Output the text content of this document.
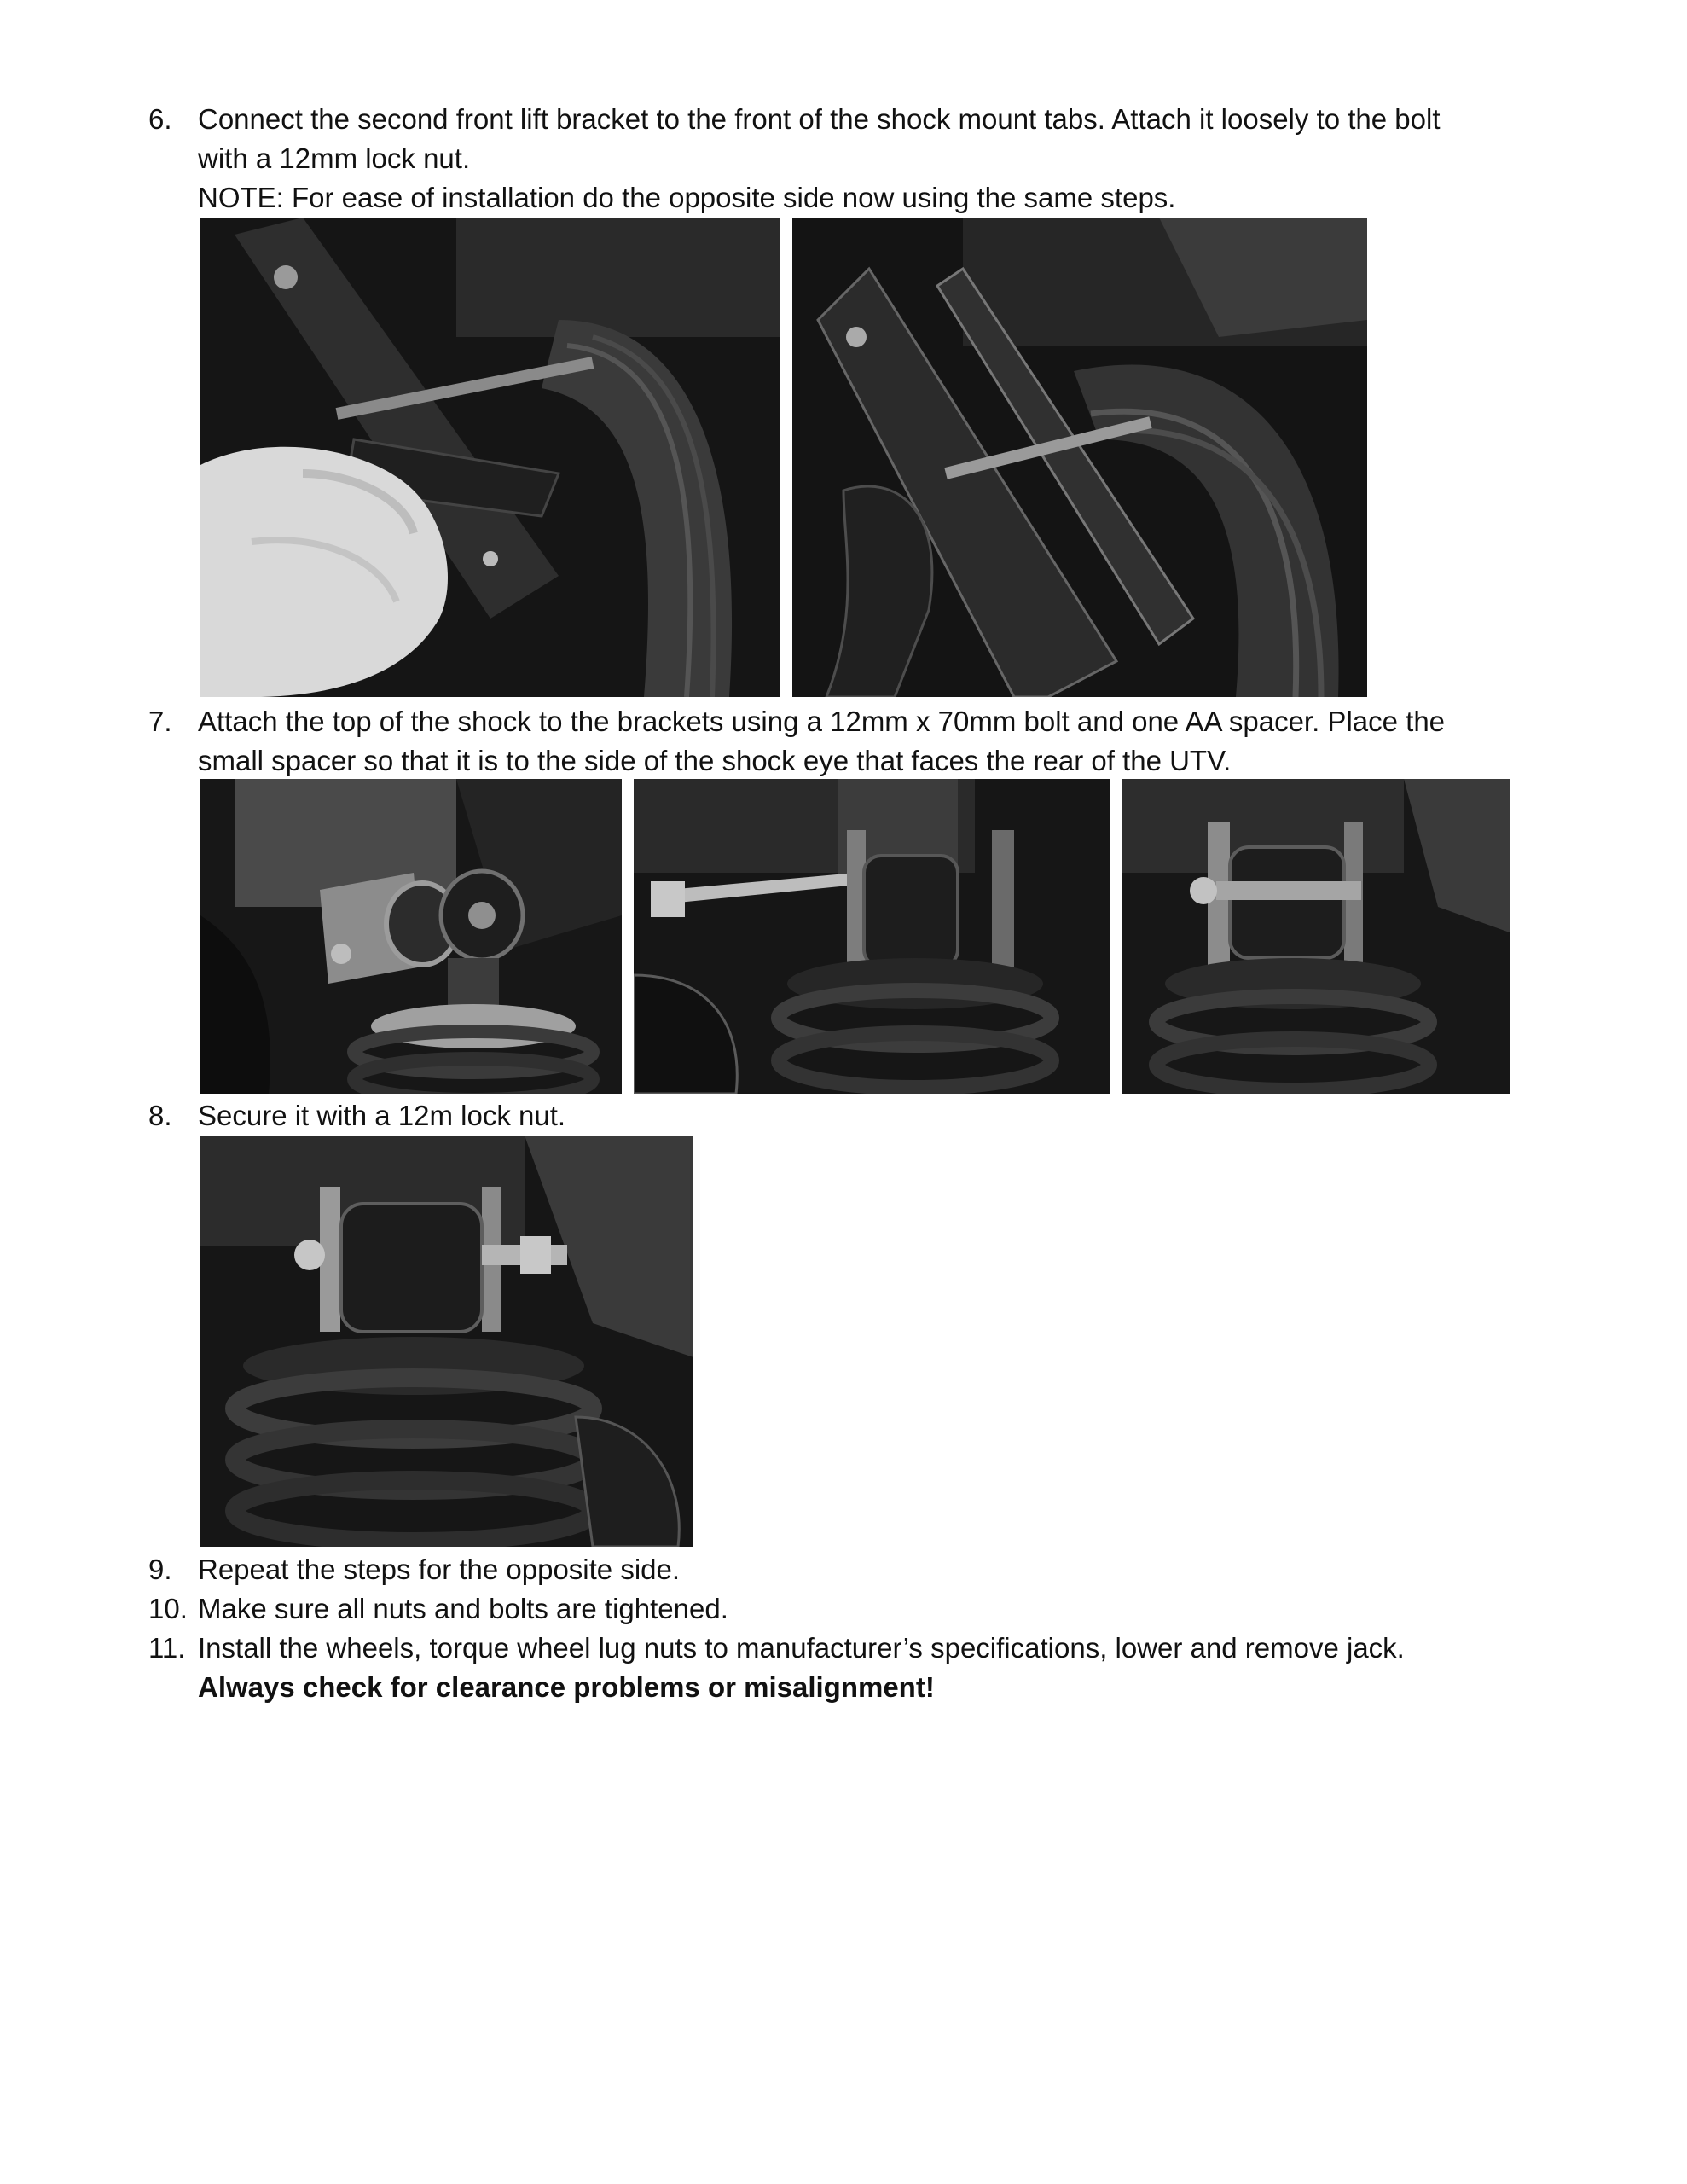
6. Connect the second front lift bracket to the front of the shock mount tabs. Attach it loosely to the bolt
with a 12mm lock nut.
NOTE: For ease of installation do the opposite side now using the same steps.
7. Attach the top of the shock to the brackets using a 12mm x 70mm bolt and one AA spacer. Place the
small spacer so that it is to the side of the shock eye that faces the rear of the UTV.
8. Secure it with a 12m lock nut.
9. Repeat the steps for the opposite side.
10. Make sure all nuts and bolts are tightened.
11. Install the wheels, torque wheel lug nuts to manufacturer’s specifications, lower and remove jack.
Always check for clearance problems or misalignment!
